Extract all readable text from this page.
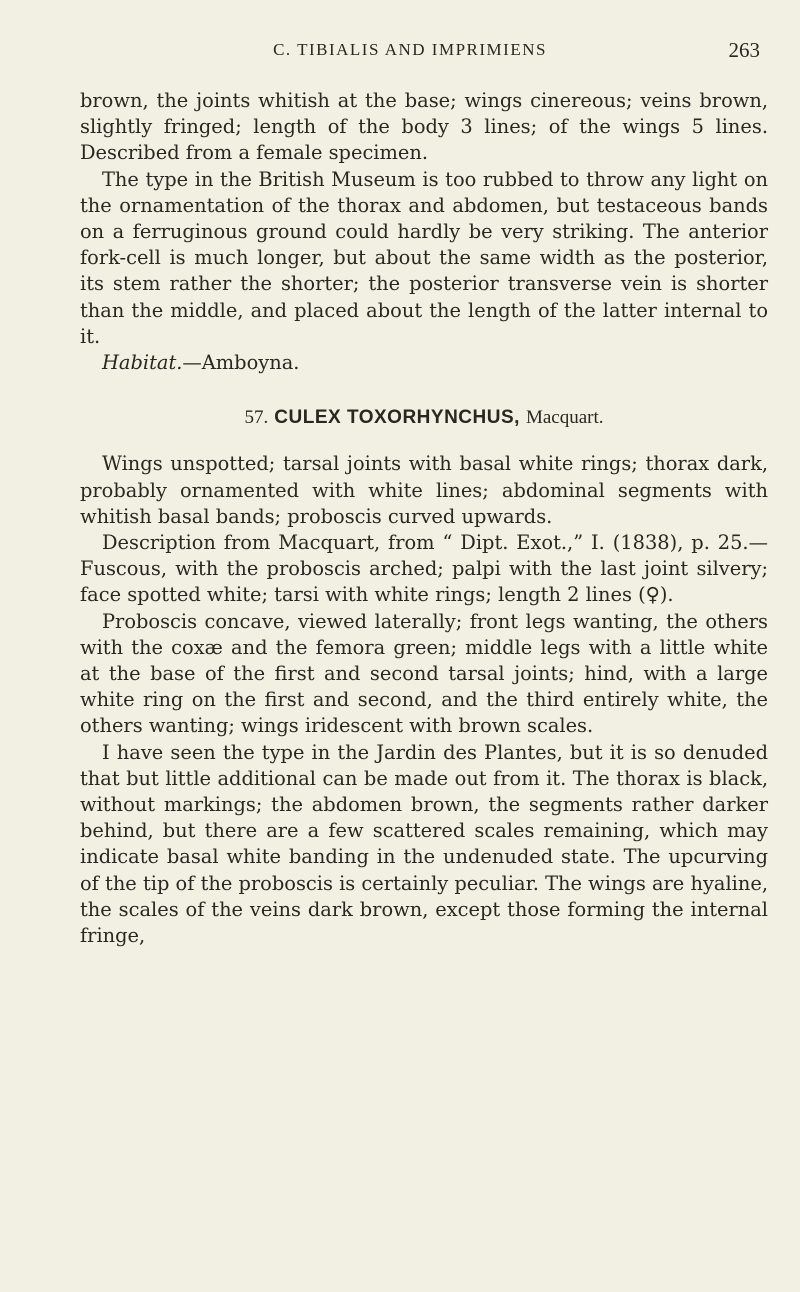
C. TIBIALIS AND IMPRIMIENS	263

brown, the joints whitish at the base; wings cinereous; veins brown, slightly fringed; length of the body 3 lines; of the wings 5 lines. Described from a female specimen.

The type in the British Museum is too rubbed to throw any light on the ornamentation of the thorax and abdomen, but testaceous bands on a ferruginous ground could hardly be very striking. The anterior fork-cell is much longer, but about the same width as the posterior, its stem rather the shorter; the posterior transverse vein is shorter than the middle, and placed about the length of the latter internal to it.

Habitat.—Amboyna.

57. CULEX TOXORHYNCHUS, Macquart.

Wings unspotted; tarsal joints with basal white rings; thorax dark, probably ornamented with white lines; abdominal segments with whitish basal bands; proboscis curved upwards.

Description from Macquart, from “ Dipt. Exot.,” I. (1838), p. 25.—Fuscous, with the proboscis arched; palpi with the last joint silvery; face spotted white; tarsi with white rings; length 2 lines (♀).

Proboscis concave, viewed laterally; front legs wanting, the others with the coxæ and the femora green; middle legs with a little white at the base of the first and second tarsal joints; hind, with a large white ring on the first and second, and the third entirely white, the others wanting; wings iridescent with brown scales.

I have seen the type in the Jardin des Plantes, but it is so denuded that but little additional can be made out from it. The thorax is black, without markings; the abdomen brown, the segments rather darker behind, but there are a few scattered scales remaining, which may indicate basal white banding in the undenuded state. The upcurving of the tip of the proboscis is certainly peculiar. The wings are hyaline, the scales of the veins dark brown, except those forming the internal fringe,
